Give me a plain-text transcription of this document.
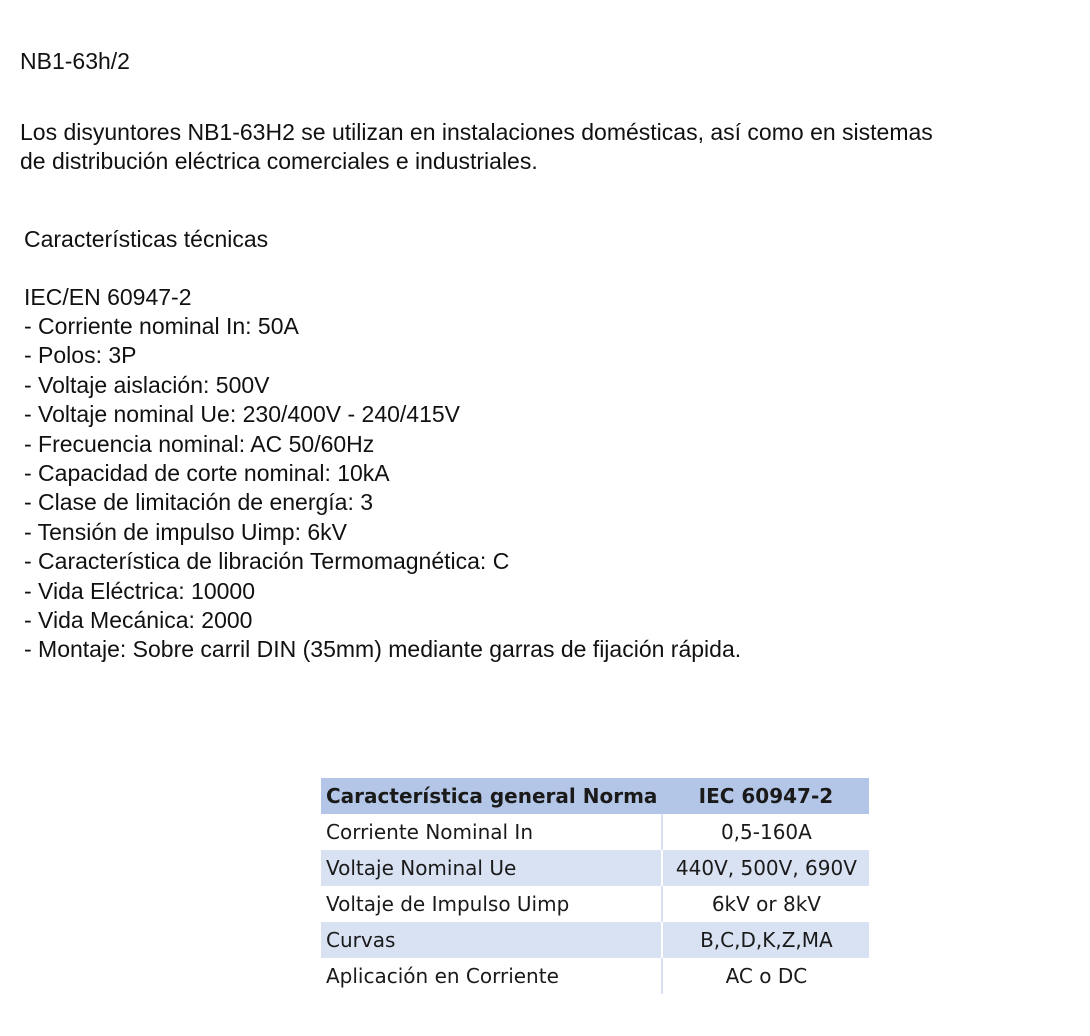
NB1-63h/2
Los disyuntores NB1-63H2 se utilizan en instalaciones domésticas, así como en sistemas
de distribución eléctrica comerciales e industriales.
Características técnicas
IEC/EN 60947-2
- Corriente nominal In: 50A
- Polos: 3P
- Voltaje aislación: 500V
- Voltaje nominal Ue: 230/400V - 240/415V
- Frecuencia nominal: AC 50/60Hz
- Capacidad de corte nominal: 10kA
- Clase de limitación de energía: 3
- Tensión de impulso Uimp: 6kV
- Característica de libración Termomagnética: C
- Vida Eléctrica: 10000
- Vida Mecánica: 2000
- Montaje: Sobre carril DIN (35mm) mediante garras de fijación rápida.
Característica general Norma	IEC 60947-2
Corriente Nominal In	0,5-160A
Voltaje Nominal Ue	440V, 500V, 690V
Voltaje de Impulso Uimp	6kV or 8kV
Curvas	B,C,D,K,Z,MA
Aplicación en Corriente	AC o DC
